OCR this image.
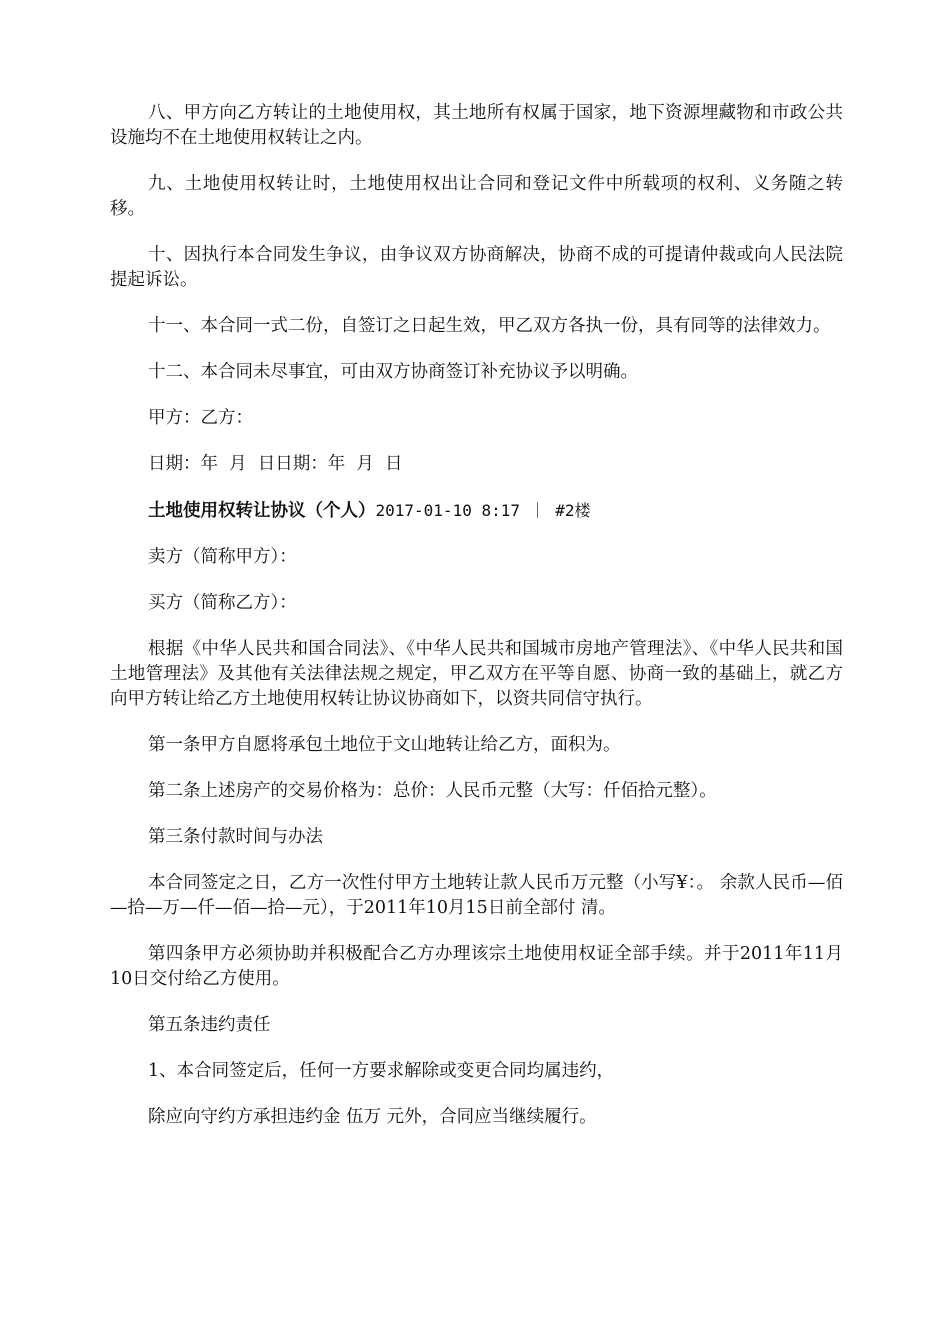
八、甲方向乙方转让的土地使用权，其土地所有权属于国家，地下资源埋藏物和市政公共设施均不在土地使用权转让之内。

九、土地使用权转让时，土地使用权出让合同和登记文件中所载项的权利、义务随之转移。

十、因执行本合同发生争议，由争议双方协商解决，协商不成的可提请仲裁或向人民法院提起诉讼。

十一、本合同一式二份，自签订之日起生效，甲乙双方各执一份，具有同等的法律效力。

十二、本合同未尽事宜，可由双方协商签订补充协议予以明确。

甲方：乙方：

日期：年  月  日日期：年  月  日

土地使用权转让协议（个人）2017-01-10 8:17 ｜ #2楼

卖方（简称甲方）：

买方（简称乙方）：

根据《中华人民共和国合同法》、《中华人民共和国城市房地产管理法》、《中华人民共和国土地管理法》及其他有关法律法规之规定，甲乙双方在平等自愿、协商一致的基础上，就乙方向甲方转让给乙方土地使用权转让协议协商如下，以资共同信守执行。

第一条甲方自愿将承包土地位于文山地转让给乙方，面积为。

第二条上述房产的交易价格为：总价：人民币元整（大写：仟佰拾元整）。

第三条付款时间与办法

本合同签定之日，乙方一次性付甲方土地转让款人民币万元整（小写¥：。 余款人民币—佰—拾—万—仟—佰—拾—元），于2011年10月15日前全部付 清。

第四条甲方必须协助并积极配合乙方办理该宗土地使用权证全部手续。并于2011年11月10日交付给乙方使用。

第五条违约责任

1、本合同签定后，任何一方要求解除或变更合同均属违约，

除应向守约方承担违约金 伍万 元外，合同应当继续履行。
